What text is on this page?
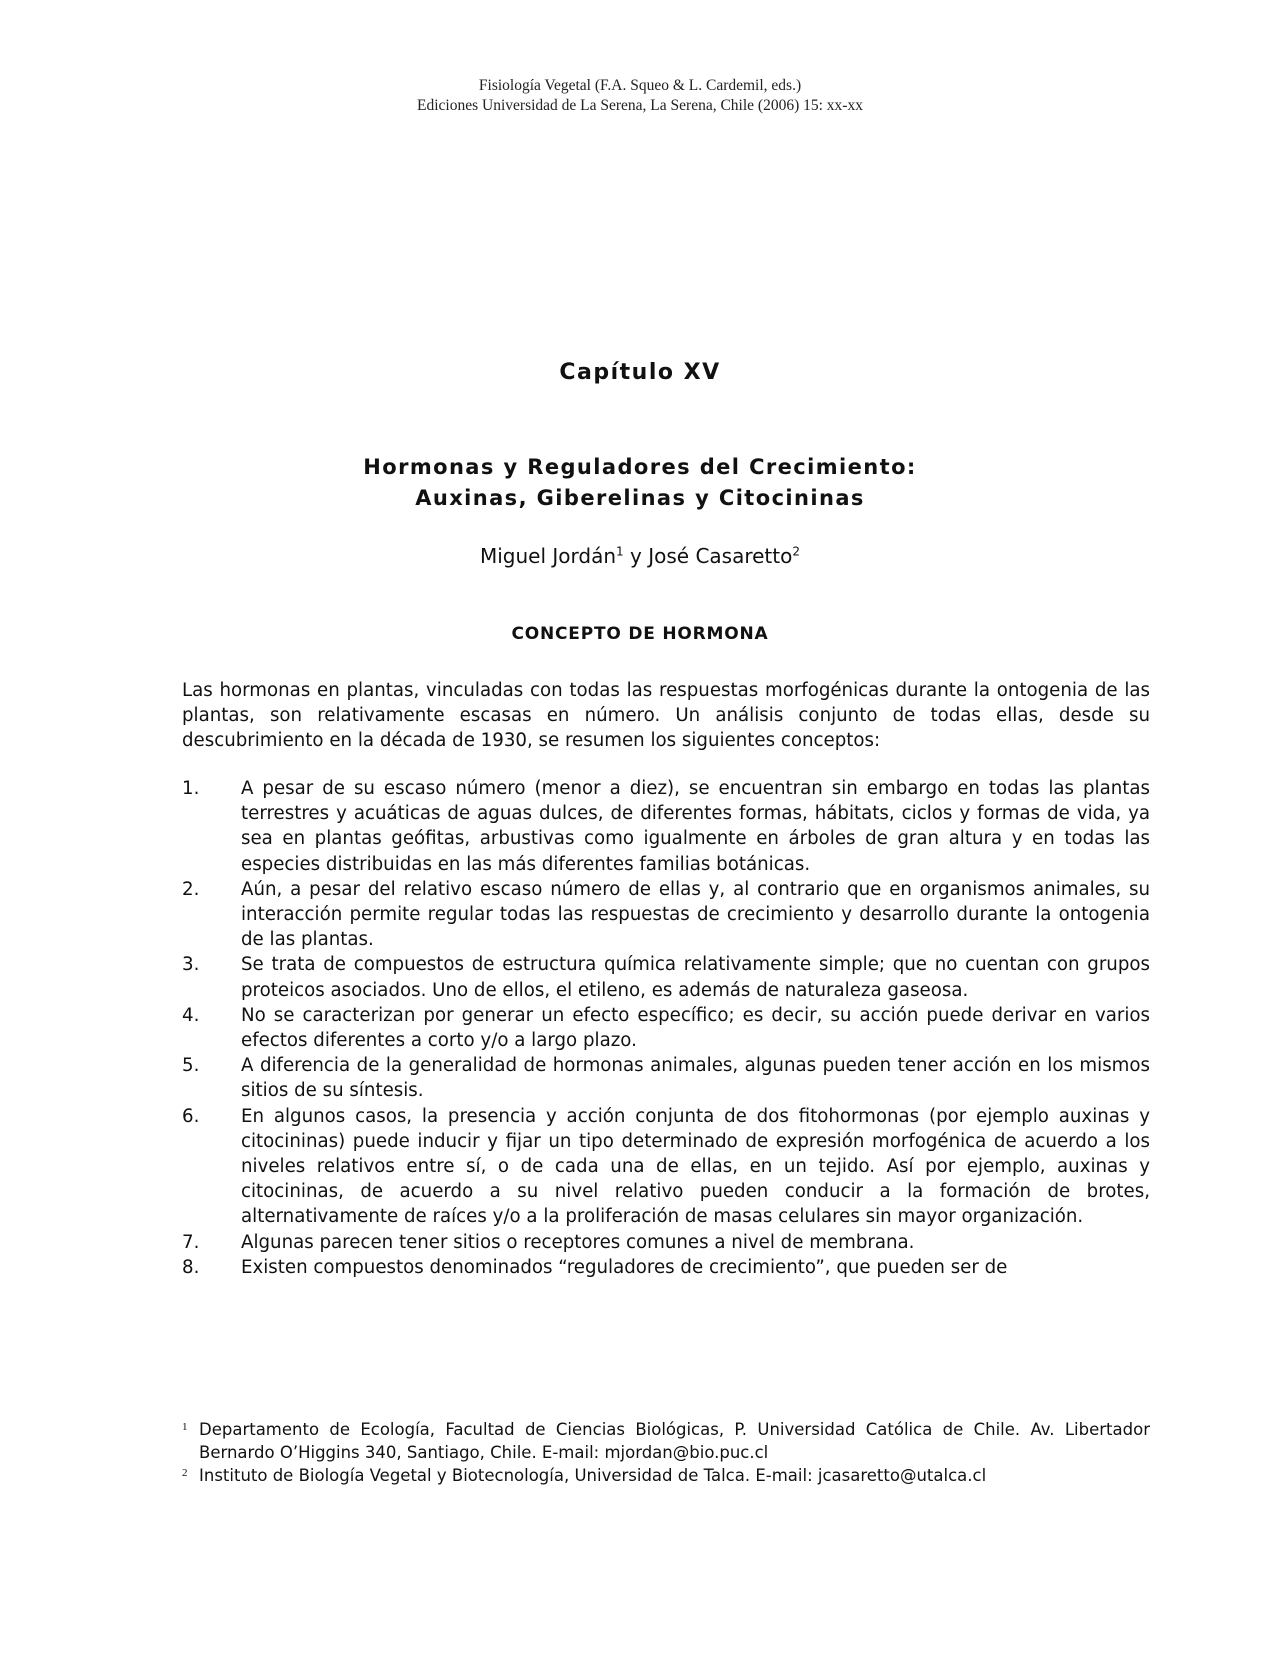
Fisiología Vegetal (F.A. Squeo & L. Cardemil, eds.)
Ediciones Universidad de La Serena, La Serena, Chile (2006) 15: xx-xx
Capítulo XV
Hormonas y Reguladores del Crecimiento:
Auxinas, Giberelinas y Citocininas
Miguel Jordán$^1$ y José Casaretto$^2$
CONCEPTO DE HORMONA

Las hormonas en plantas, vinculadas con todas las respuestas morfogénicas durante la ontogenia de las plantas, son relativamente escasas en número. Un análisis conjunto de todas ellas, desde su descubrimiento en la década de 1930, se resumen los siguientes conceptos:

1. A pesar de su escaso número (menor a diez), se encuentran sin embargo en todas las plantas terrestres y acuáticas de aguas dulces, de diferentes formas, hábitats, ciclos y formas de vida, ya sea en plantas geófitas, arbustivas como igualmente en árboles de gran altura y en todas las especies distribuidas en las más diferentes familias botánicas.
2. Aún, a pesar del relativo escaso número de ellas y, al contrario que en organismos animales, su interacción permite regular todas las respuestas de crecimiento y desarrollo durante la ontogenia de las plantas.
3. Se trata de compuestos de estructura química relativamente simple; que no cuentan con grupos proteicos asociados. Uno de ellos, el etileno, es además de naturaleza gaseosa.
4. No se caracterizan por generar un efecto específico; es decir, su acción puede derivar en varios efectos diferentes a corto y/o a largo plazo.
5. A diferencia de la generalidad de hormonas animales, algunas pueden tener acción en los mismos sitios de su síntesis.
6. En algunos casos, la presencia y acción conjunta de dos fitohormonas (por ejemplo auxinas y citocininas) puede inducir y fijar un tipo determinado de expresión morfogénica de acuerdo a los niveles relativos entre sí, o de cada una de ellas, en un tejido. Así por ejemplo, auxinas y citocininas, de acuerdo a su nivel relativo pueden conducir a la formación de brotes, alternativamente de raíces y/o a la proliferación de masas celulares sin mayor organización.
7. Algunas parecen tener sitios o receptores comunes a nivel de membrana.
8. Existen compuestos denominados “reguladores de crecimiento”, que pueden ser de
1 Departamento de Ecología, Facultad de Ciencias Biológicas, P. Universidad Católica de Chile. Av. Libertador Bernardo O’Higgins 340, Santiago, Chile. E-mail: mjordan@bio.puc.cl
2 Instituto de Biología Vegetal y Biotecnología, Universidad de Talca. E-mail: jcasaretto@utalca.cl
